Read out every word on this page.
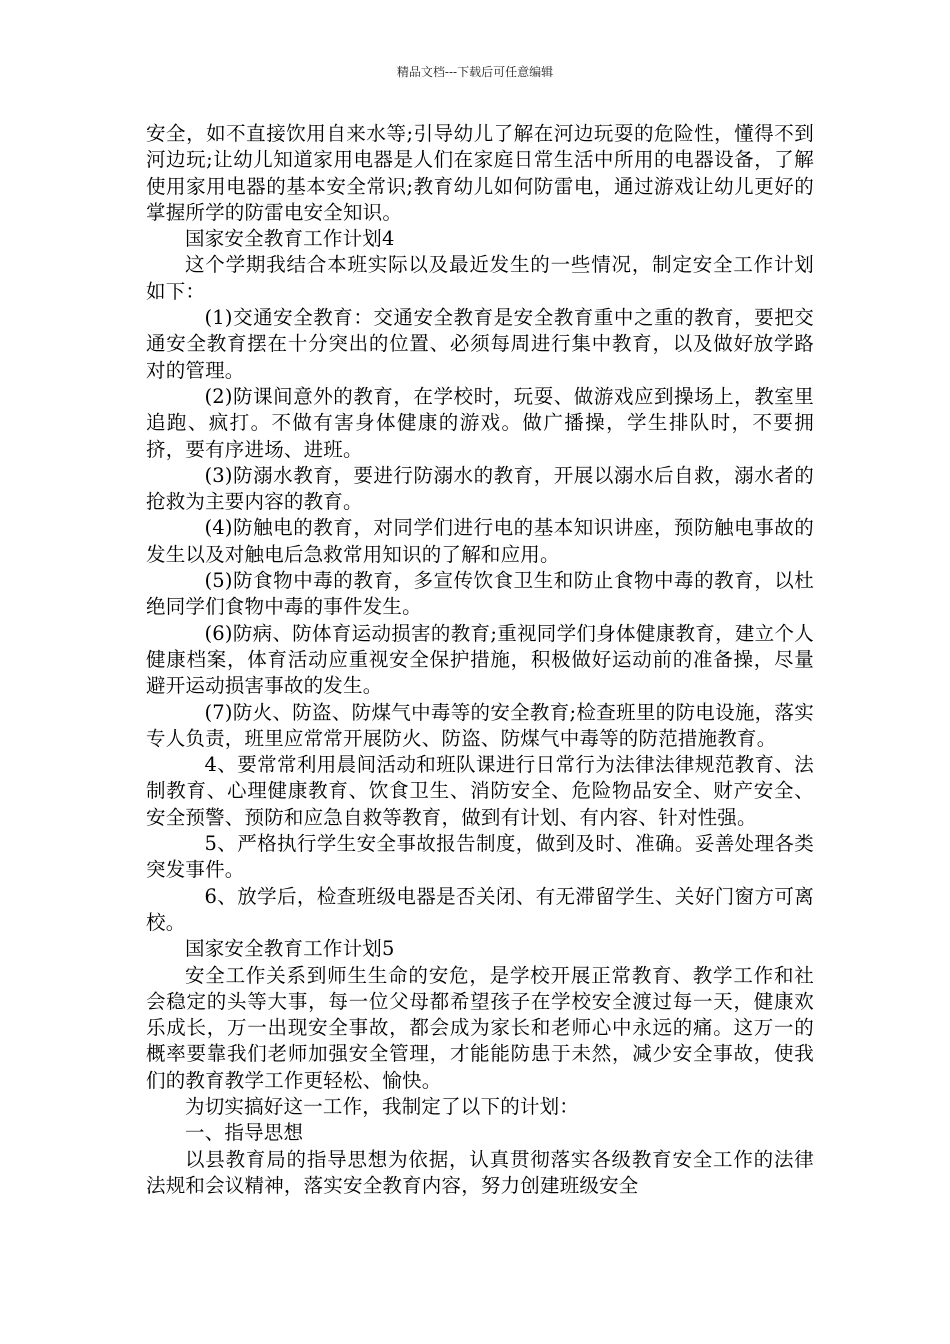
精品文档---下载后可任意编辑

安全，如不直接饮用自来水等;引导幼儿了解在河边玩耍的危险性，懂得不到河边玩;让幼儿知道家用电器是人们在家庭日常生活中所用的电器设备，了解使用家用电器的基本安全常识;教育幼儿如何防雷电，通过游戏让幼儿更好的掌握所学的防雷电安全知识。

国家安全教育工作计划4

这个学期我结合本班实际以及最近发生的一些情况，制定安全工作计划如下：

(1)交通安全教育：交通安全教育是安全教育重中之重的教育，要把交通安全教育摆在十分突出的位置、必须每周进行集中教育，以及做好放学路对的管理。

(2)防课间意外的教育，在学校时，玩耍、做游戏应到操场上，教室里追跑、疯打。不做有害身体健康的游戏。做广播操，学生排队时，不要拥挤，要有序进场、进班。

(3)防溺水教育，要进行防溺水的教育，开展以溺水后自救，溺水者的抢救为主要内容的教育。

(4)防触电的教育，对同学们进行电的基本知识讲座，预防触电事故的发生以及对触电后急救常用知识的了解和应用。

(5)防食物中毒的教育，多宣传饮食卫生和防止食物中毒的教育，以杜绝同学们食物中毒的事件发生。

(6)防病、防体育运动损害的教育;重视同学们身体健康教育，建立个人健康档案，体育活动应重视安全保护措施，积极做好运动前的准备操，尽量避开运动损害事故的发生。

(7)防火、防盗、防煤气中毒等的安全教育;检查班里的防电设施，落实专人负责，班里应常常开展防火、防盗、防煤气中毒等的防范措施教育。

4、要常常利用晨间活动和班队课进行日常行为法律法律规范教育、法制教育、心理健康教育、饮食卫生、消防安全、危险物品安全、财产安全、安全预警、预防和应急自救等教育，做到有计划、有内容、针对性强。

5、严格执行学生安全事故报告制度，做到及时、准确。妥善处理各类突发事件。

6、放学后，检查班级电器是否关闭、有无滞留学生、关好门窗方可离校。

国家安全教育工作计划5

安全工作关系到师生生命的安危，是学校开展正常教育、教学工作和社会稳定的头等大事，每一位父母都希望孩子在学校安全渡过每一天，健康欢乐成长，万一出现安全事故，都会成为家长和老师心中永远的痛。这万一的概率要靠我们老师加强安全管理，才能能防患于未然，减少安全事故，使我们的教育教学工作更轻松、愉快。

为切实搞好这一工作，我制定了以下的计划：

一、指导思想

以县教育局的指导思想为依据，认真贯彻落实各级教育安全工作的法律法规和会议精神，落实安全教育内容，努力创建班级安全
